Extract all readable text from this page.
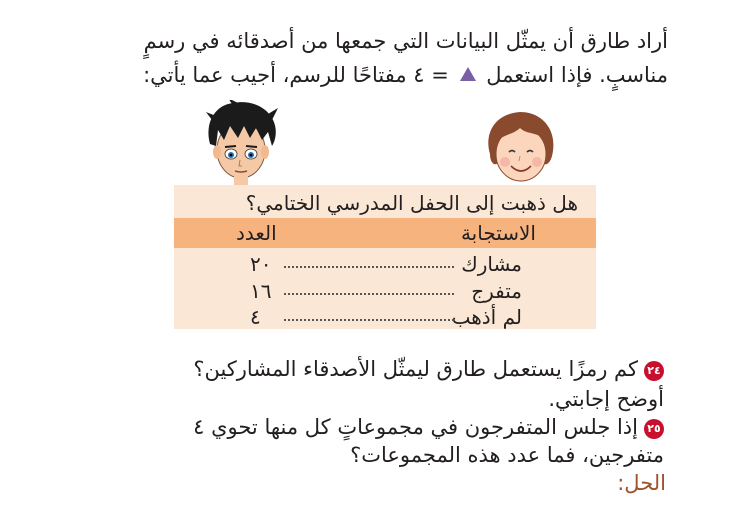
أراد طارق أن يمثّل البيانات التي جمعها من أصدقائه في رسمٍ
مناسبٍ. فإذا استعمل  = ٤ مفتاحًا للرسم، أجيب عما يأتي:
هل ذهبت إلى الحفل المدرسي الختامي؟
الاستجابة
العدد
مشارك
٢٠
متفرج
١٦
لم أذهب
٤
٢٤كم رمزًا يستعمل طارق ليمثّل الأصدقاء المشاركين؟
أوضح إجابتي.
٢٥إذا جلس المتفرجون في مجموعاتٍ كل منها تحوي ٤
متفرجين، فما عدد هذه المجموعات؟
الحل:
